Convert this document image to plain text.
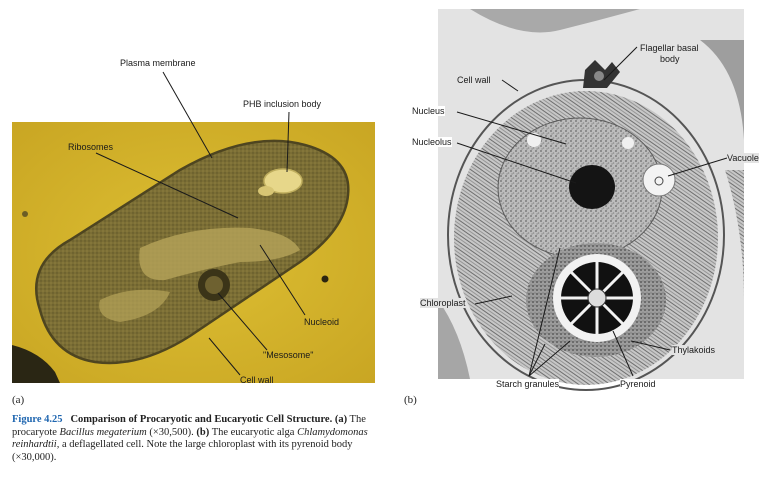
Plasma membrane
PHB inclusion body
Ribosomes
Nucleoid
"Mesosome"
Cell wall
(a)
Flagellar basal
body
Cell wall
Nucleus
Nucleolus
Vacuole
Chloroplast
Thylakoids
Starch granules	Pyrenoid
(b)
Figure 4.25 Comparison of Procaryotic and Eucaryotic Cell Structure. (a) The procaryote Bacillus megaterium (×30,500). (b) The eucaryotic alga Chlamydomonas reinhardtii, a deflagellated cell. Note the large chloroplast with its pyrenoid body (×30,000).
